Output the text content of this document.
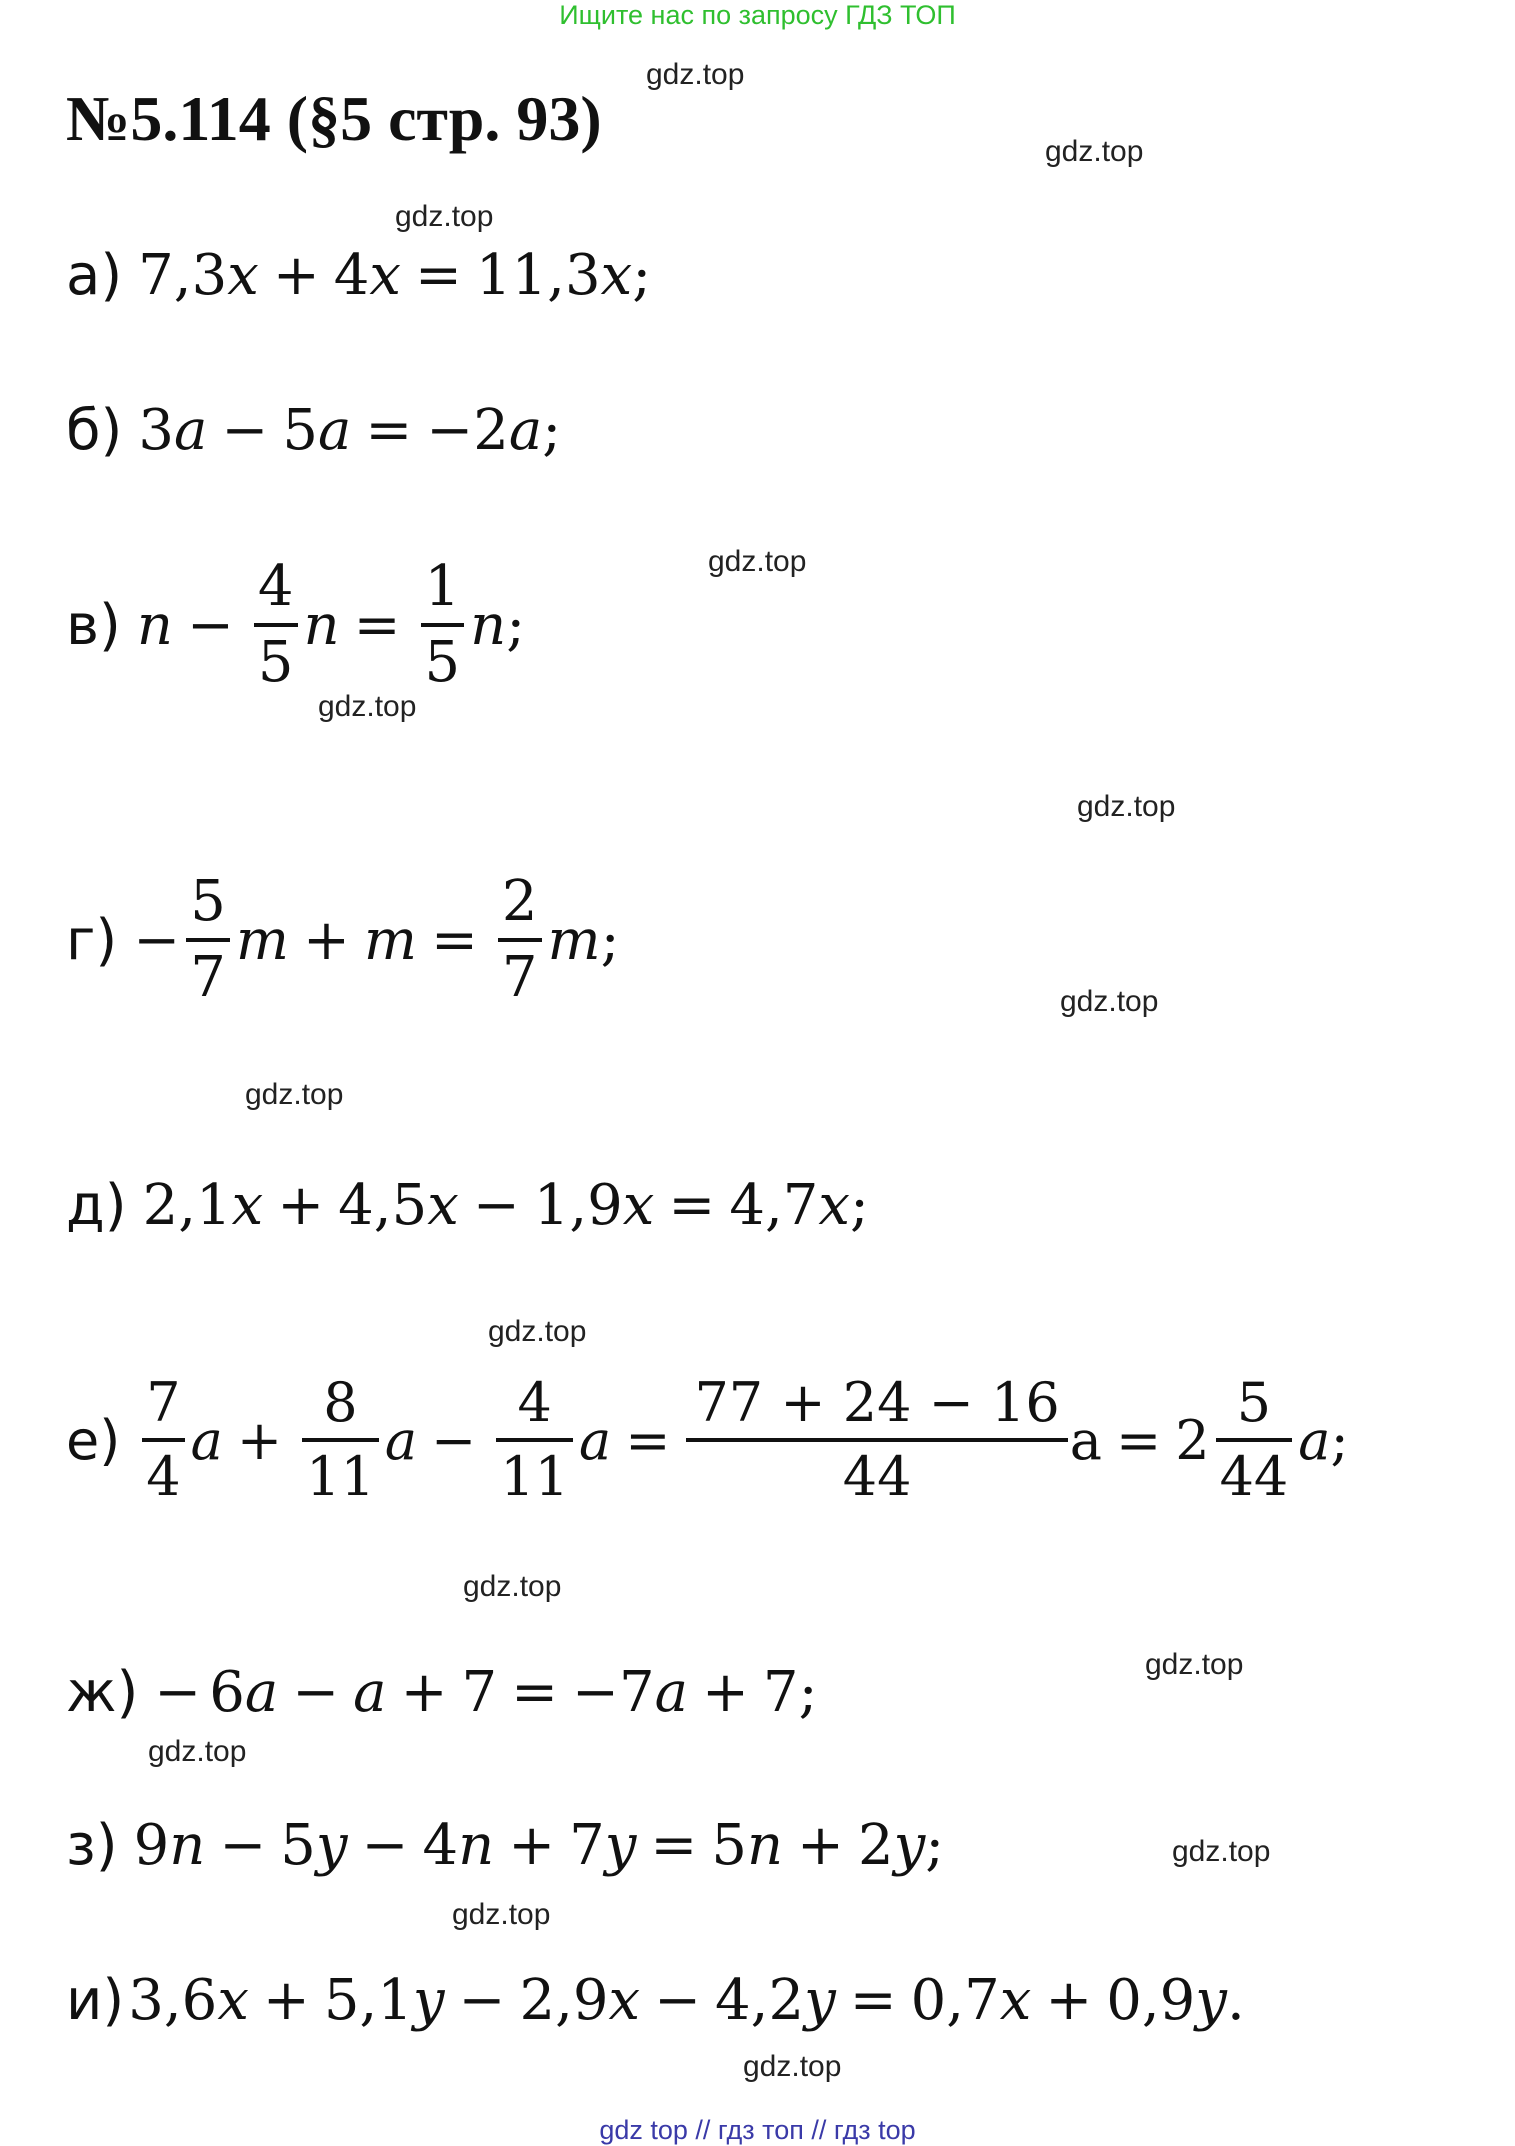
Ищите нас по запросу ГДЗ ТОП
№5.114 (§5 стр. 93)
gdz.top
gdz.top
gdz.top
gdz.top
gdz.top
gdz.top
gdz.top
gdz.top
gdz.top
gdz.top
gdz.top
gdz.top
gdz.top
gdz.top
gdz.top
а) 7,3 x + 4 x = 11,3 x ;
б) 3 a − 5 a = −2 a ;
в) $n - \frac{4}{5}$ $n = \frac{1}{5}$ n ;
$г) - \frac{5}{7}$ $m + m = \frac{2}{7}$ m ;
д) 2,1 x + 4,5 x − 1,9 x = 4,7 x ;
$е) \frac{7}{4}$ $a + \frac{8}{11}$ $a - \frac{4}{11}$ $a = \frac{77 + 24 - 16}{44}$ $a = 2 \frac{5}{44}$ a ;
ж) − 6 a − a + 7 = −7 a + 7 ;
з) 9 n − 5 y − 4 n + 7 y = 5 n + 2 y ;
и) 3,6 x + 5,1 y − 2,9 x − 4,2 y = 0,7 x + 0,9 y .
gdz top // гдз топ // гдз top
